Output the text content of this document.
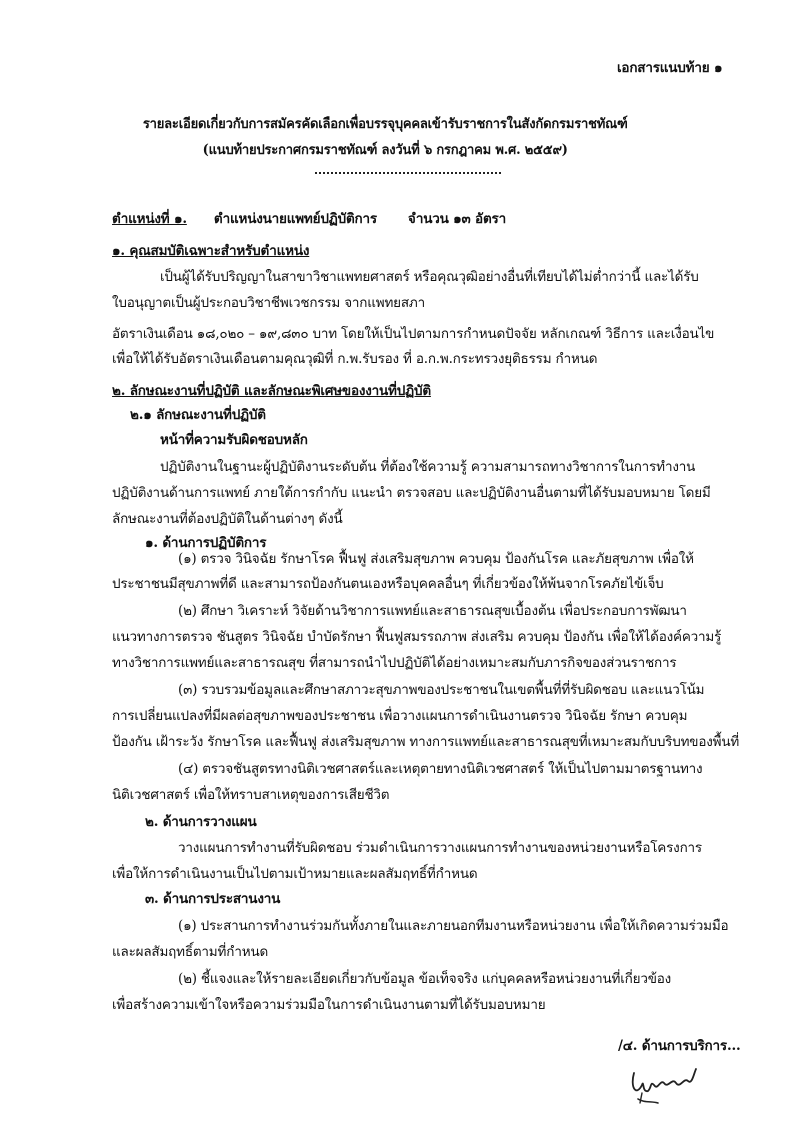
เอกสารแนบท้าย ๑
รายละเอียดเกี่ยวกับการสมัครคัดเลือกเพื่อบรรจุบุคคลเข้ารับราชการในสังกัดกรมราชทัณฑ์
(แนบท้ายประกาศกรมราชทัณฑ์ ลงวันที่ ๖ กรกฎาคม พ.ศ. ๒๕๕๙)
ตำแหน่งที่ ๑. ตำแหน่งนายแพทย์ปฏิบัติการ จำนวน ๑๓ อัตรา
๑. คุณสมบัติเฉพาะสำหรับตำแหน่ง
เป็นผู้ได้รับปริญญาในสาขาวิชาแพทยศาสตร์ หรือคุณวุฒิอย่างอื่นที่เทียบได้ไม่ต่ำกว่านี้ และได้รับ
ใบอนุญาตเป็นผู้ประกอบวิชาชีพเวชกรรม จากแพทยสภา
อัตราเงินเดือน ๑๘,๐๒๐ – ๑๙,๘๓๐ บาท โดยให้เป็นไปตามการกำหนดปัจจัย หลักเกณฑ์ วิธีการ และเงื่อนไข
เพื่อให้ได้รับอัตราเงินเดือนตามคุณวุฒิที่ ก.พ.รับรอง ที่ อ.ก.พ.กระทรวงยุติธรรม กำหนด
๒. ลักษณะงานที่ปฏิบัติ และลักษณะพิเศษของงานที่ปฏิบัติ
๒.๑ ลักษณะงานที่ปฏิบัติ
หน้าที่ความรับผิดชอบหลัก
ปฏิบัติงานในฐานะผู้ปฏิบัติงานระดับต้น ที่ต้องใช้ความรู้ ความสามารถทางวิชาการในการทำงาน
ปฏิบัติงานด้านการแพทย์ ภายใต้การกำกับ แนะนำ ตรวจสอบ และปฏิบัติงานอื่นตามที่ได้รับมอบหมาย โดยมี
ลักษณะงานที่ต้องปฏิบัติในด้านต่างๆ ดังนี้
๑. ด้านการปฏิบัติการ
(๑) ตรวจ วินิจฉัย รักษาโรค ฟื้นฟู ส่งเสริมสุขภาพ ควบคุม ป้องกันโรค และภัยสุขภาพ เพื่อให้
ประชาชนมีสุขภาพที่ดี และสามารถป้องกันตนเองหรือบุคคลอื่นๆ ที่เกี่ยวข้องให้พ้นจากโรคภัยไข้เจ็บ
(๒) ศึกษา วิเคราะห์ วิจัยด้านวิชาการแพทย์และสาธารณสุขเบื้องต้น เพื่อประกอบการพัฒนา
แนวทางการตรวจ ชันสูตร วินิจฉัย บำบัดรักษา ฟื้นฟูสมรรถภาพ ส่งเสริม ควบคุม ป้องกัน เพื่อให้ได้องค์ความรู้
ทางวิชาการแพทย์และสาธารณสุข ที่สามารถนำไปปฏิบัติได้อย่างเหมาะสมกับภารกิจของส่วนราชการ
(๓) รวบรวมข้อมูลและศึกษาสภาวะสุขภาพของประชาชนในเขตพื้นที่ที่รับผิดชอบ และแนวโน้ม
การเปลี่ยนแปลงที่มีผลต่อสุขภาพของประชาชน เพื่อวางแผนการดำเนินงานตรวจ วินิจฉัย รักษา ควบคุม
ป้องกัน เฝ้าระวัง รักษาโรค และฟื้นฟู ส่งเสริมสุขภาพ ทางการแพทย์และสาธารณสุขที่เหมาะสมกับบริบทของพื้นที่
(๔) ตรวจชันสูตรทางนิติเวชศาสตร์และเหตุตายทางนิติเวชศาสตร์ ให้เป็นไปตามมาตรฐานทาง
นิติเวชศาสตร์ เพื่อให้ทราบสาเหตุของการเสียชีวิต
๒. ด้านการวางแผน
วางแผนการทำงานที่รับผิดชอบ ร่วมดำเนินการวางแผนการทำงานของหน่วยงานหรือโครงการ
เพื่อให้การดำเนินงานเป็นไปตามเป้าหมายและผลสัมฤทธิ์ที่กำหนด
๓. ด้านการประสานงาน
(๑) ประสานการทำงานร่วมกันทั้งภายในและภายนอกทีมงานหรือหน่วยงาน เพื่อให้เกิดความร่วมมือ
และผลสัมฤทธิ์ตามที่กำหนด
(๒) ชี้แจงและให้รายละเอียดเกี่ยวกับข้อมูล ข้อเท็จจริง แก่บุคคลหรือหน่วยงานที่เกี่ยวข้อง
เพื่อสร้างความเข้าใจหรือความร่วมมือในการดำเนินงานตามที่ได้รับมอบหมาย
/๔. ด้านการบริการ...
